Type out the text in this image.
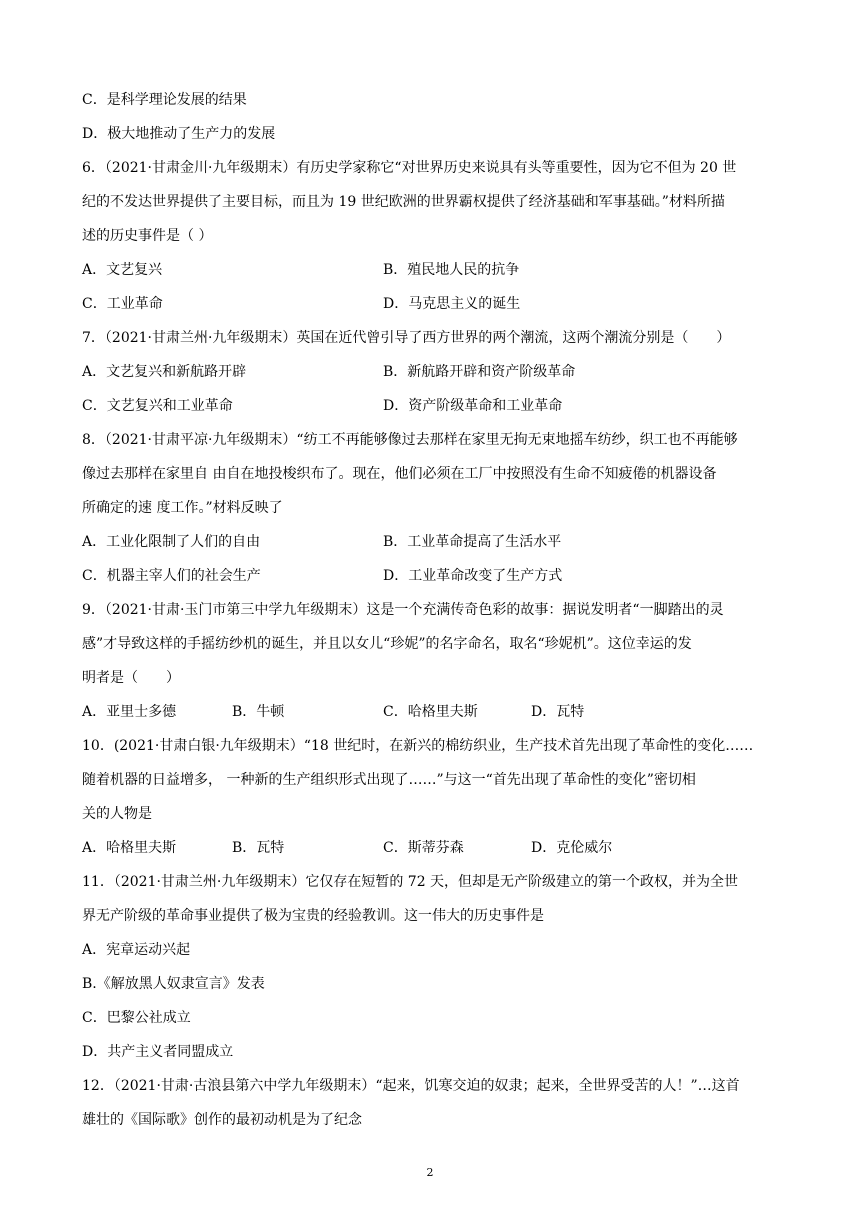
C．是科学理论发展的结果
D．极大地推动了生产力的发展
6．（2021·甘肃金川·九年级期末）有历史学家称它“对世界历史来说具有头等重要性，因为它不但为 20 世
纪的不发达世界提供了主要目标，而且为 19 世纪欧洲的世界霸权提供了经济基础和军事基础。”材料所描
述的历史事件是（ ）
A．文艺复兴	B．殖民地人民的抗争
C．工业革命	D．马克思主义的诞生
7．（2021·甘肃兰州·九年级期末）英国在近代曾引导了西方世界的两个潮流，这两个潮流分别是（　　）
A．文艺复兴和新航路开辟	B．新航路开辟和资产阶级革命
C．文艺复兴和工业革命	D．资产阶级革命和工业革命
8．（2021·甘肃平凉·九年级期末）“纺工不再能够像过去那样在家里无拘无束地摇车纺纱，织工也不再能够
像过去那样在家里自 由自在地投梭织布了。现在，他们必须在工厂中按照没有生命不知疲倦的机器设备
所确定的速 度工作。”材料反映了
A．工业化限制了人们的自由	B．工业革命提高了生活水平
C．机器主宰人们的社会生产	D．工业革命改变了生产方式
9．（2021·甘肃·玉门市第三中学九年级期末）这是一个充满传奇色彩的故事：据说发明者“一脚踏出的灵
感”才导致这样的手摇纺纱机的诞生，并且以女儿“珍妮”的名字命名，取名“珍妮机”。这位幸运的发
明者是（　　）
A．亚里士多德	B．牛顿	C．哈格里夫斯	D．瓦特
10．(2021·甘肃白银·九年级期末）“18 世纪时，在新兴的棉纺织业，生产技术首先出现了革命性的变化……
随着机器的日益增多， 一种新的生产组织形式出现了……”与这一“首先出现了革命性的变化”密切相
关的人物是
A．哈格里夫斯	B．瓦特	C．斯蒂芬森	D．克伦威尔
11．（2021·甘肃兰州·九年级期末）它仅存在短暂的 72 天，但却是无产阶级建立的第一个政权，并为全世
界无产阶级的革命事业提供了极为宝贵的经验教训。这一伟大的历史事件是
A．宪章运动兴起
B.《解放黑人奴隶宣言》发表
C．巴黎公社成立
D．共产主义者同盟成立
12．（2021·甘肃·古浪县第六中学九年级期末）“起来，饥寒交迫的奴隶；起来，全世界受苦的人！”…这首
雄壮的《国际歌》创作的最初动机是为了纪念
2
